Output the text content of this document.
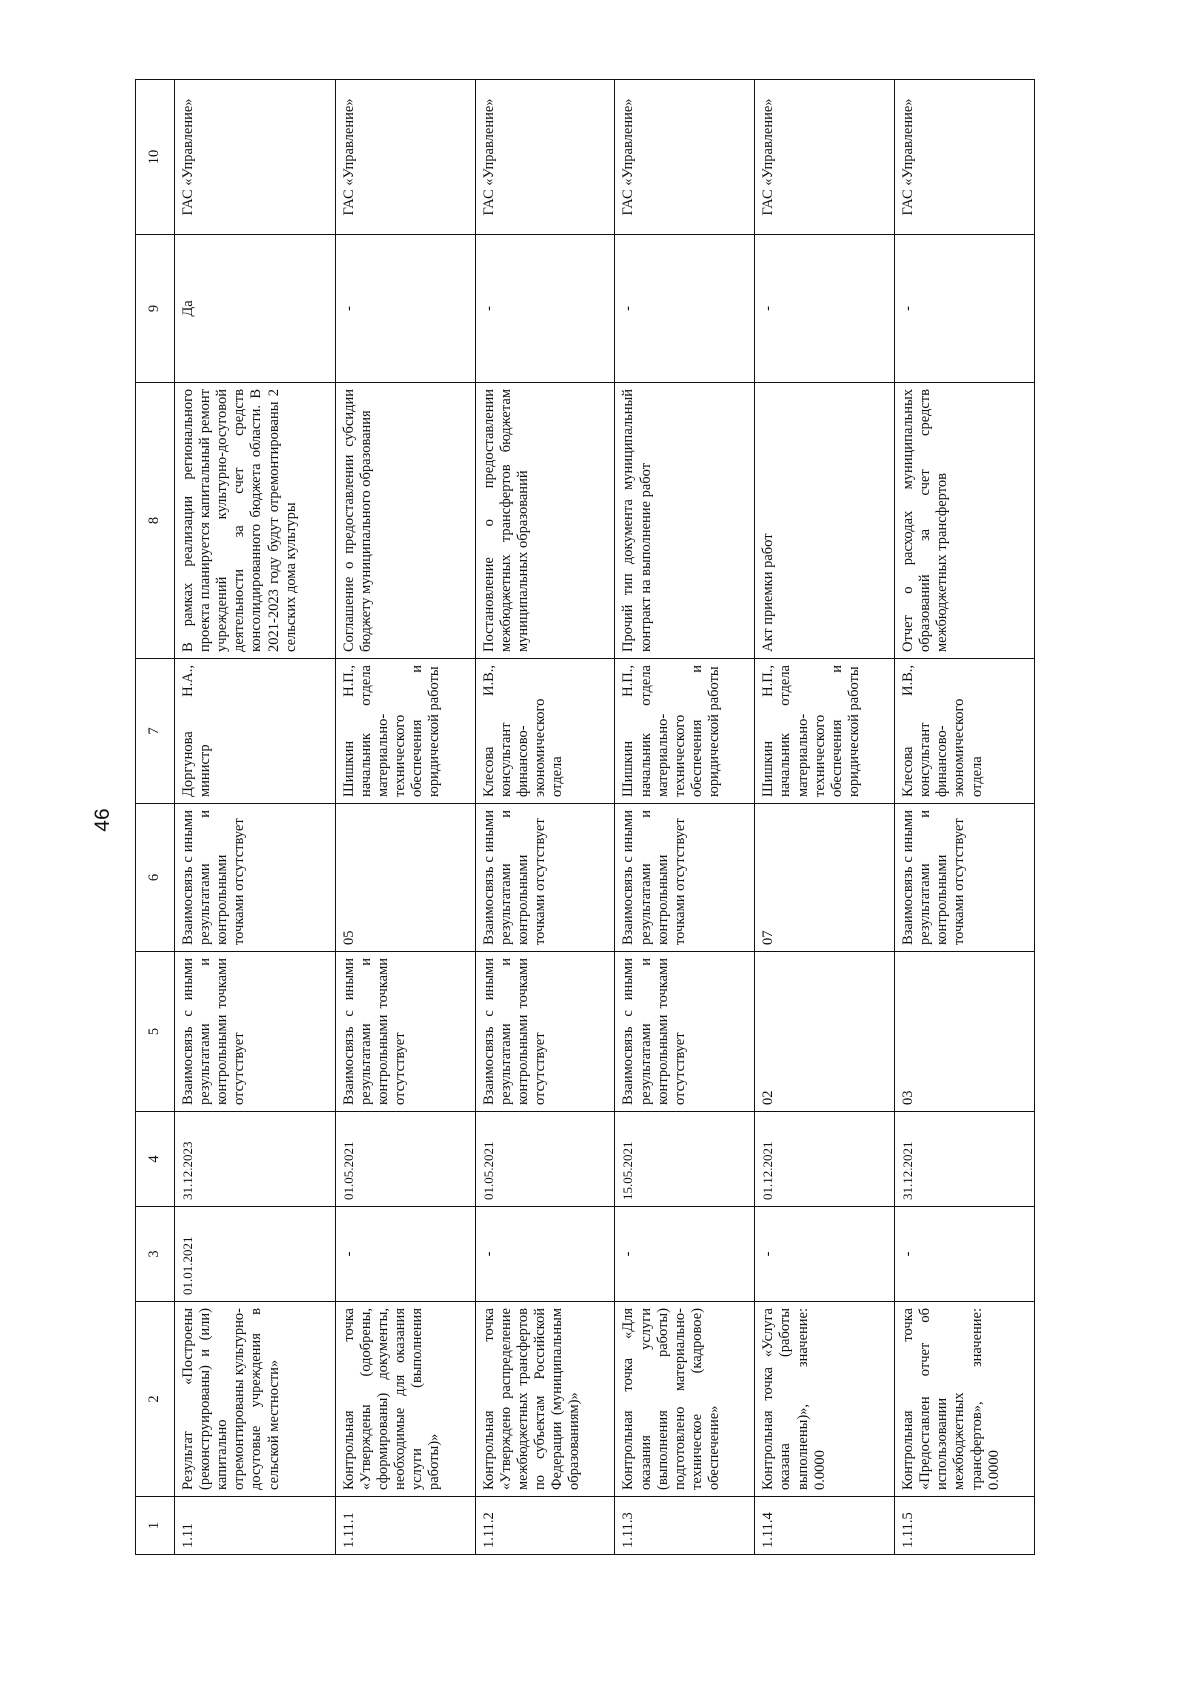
46
1	2	3	4	5	6	7	8	9	10
1.11	Результат «Построены (реконструированы) и (или) капитально отремонтированы культурно-досуговые учреждения в сельской местности»	01.01.2021	31.12.2023	Взаимосвязь с иными результатами и контрольными точками отсутствует	Взаимосвязь с иными результатами и контрольными точками отсутствует	Доргунова Н.А., министр	В рамках реализации регионального проекта планируется капитальный ремонт учреждений культурно-досуговой деятельности за счет средств консолидированного бюджета области. В 2021-2023 году будут отремонтированы 2 сельских дома культуры	Да	ГАС «Управление»
1.11.1	Контрольная точка «Утверждены (одобрены, сформированы) документы, необходимые для оказания услуги (выполнения работы)»	-	01.05.2021	Взаимосвязь с иными результатами и контрольными точками отсутствует	05	Шишкин Н.П., начальник отдела материально-технического обеспечения и юридической работы	Соглашение о предоставлении субсидии бюджету муниципального образования	-	ГАС «Управление»
1.11.2	Контрольная точка «Утверждено распределение межбюджетных трансфертов по субъектам Российской Федерации (муниципальным образованиям)»	-	01.05.2021	Взаимосвязь с иными результатами и контрольными точками отсутствует	Взаимосвязь с иными результатами и контрольными точками отсутствует	Клесова И.В., консультант финансово-экономического отдела	Постановление о предоставлении межбюджетных трансфертов бюджетам муниципальных образований	-	ГАС «Управление»
1.11.3	Контрольная точка «Для оказания услуги (выполнения работы) подготовлено материально-техническое (кадровое) обеспечение»	-	15.05.2021	Взаимосвязь с иными результатами и контрольными точками отсутствует	Взаимосвязь с иными результатами и контрольными точками отсутствует	Шишкин Н.П., начальник отдела материально-технического обеспечения и юридической работы	Прочий тип документа муниципальный контракт на выполнение работ	-	ГАС «Управление»
1.11.4	Контрольная точка «Услуга оказана (работы выполнены)», значение: 0.0000	-	01.12.2021	02	07	Шишкин Н.П., начальник отдела материально-технического обеспечения и юридической работы	Акт приемки работ	-	ГАС «Управление»
1.11.5	Контрольная точка «Предоставлен отчет об использовании межбюджетных трансфертов», значение: 0.0000	-	31.12.2021	03	Взаимосвязь с иными результатами и контрольными точками отсутствует	Клесова И.В., консультант финансово-экономического отдела	Отчет о расходах муниципальных образований за счет средств межбюджетных трансфертов	-	ГАС «Управление»
